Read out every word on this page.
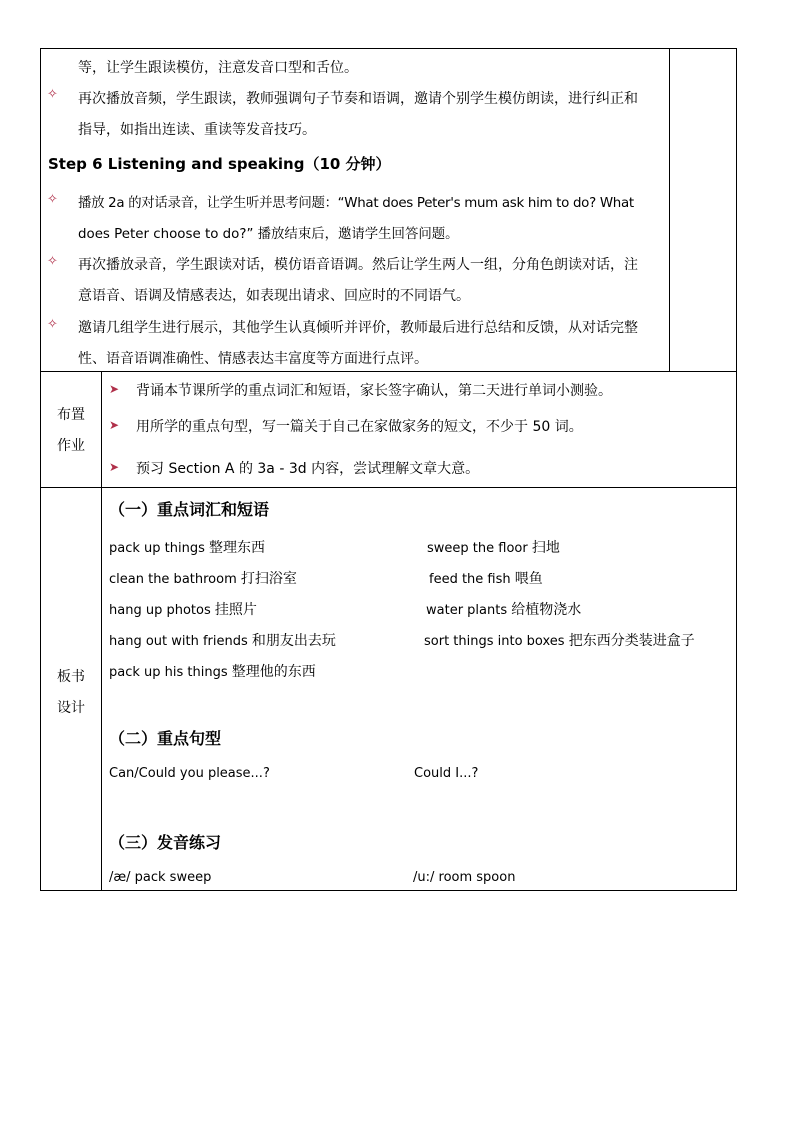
等，让学生跟读模仿，注意发音口型和舌位。
✧ 再次播放音频，学生跟读，教师强调句子节奏和语调，邀请个别学生模仿朗读，进行纠正和
指导，如指出连读、重读等发音技巧。
Step 6 Listening and speaking（10 分钟）
✧ 播放 2a 的对话录音，让学生听并思考问题：“What does Peter's mum ask him to do? What
does Peter choose to do?” 播放结束后，邀请学生回答问题。
✧ 再次播放录音，学生跟读对话，模仿语音语调。然后让学生两人一组，分角色朗读对话，注
意语音、语调及情感表达，如表现出请求、回应时的不同语气。
✧ 邀请几组学生进行展示，其他学生认真倾听并评价，教师最后进行总结和反馈，从对话完整
性、语音语调准确性、情感表达丰富度等方面进行点评。
布置
作业
➤ 背诵本节课所学的重点词汇和短语，家长签字确认，第二天进行单词小测验。
➤ 用所学的重点句型，写一篇关于自己在家做家务的短文，不少于 50 词。
➤ 预习 Section A 的 3a - 3d 内容，尝试理解文章大意。
板书
设计
（一）重点词汇和短语
pack up things 整理东西
clean the bathroom 打扫浴室
hang up photos 挂照片
hang out with friends 和朋友出去玩
pack up his things 整理他的东西
sweep the floor 扫地
feed the fish 喂鱼
water plants 给植物浇水
sort things into boxes 把东西分类装进盒子
（二）重点句型
Can/Could you please...?	Could I...?
（三）发音练习
/æ/ pack sweep	/u:/ room spoon
